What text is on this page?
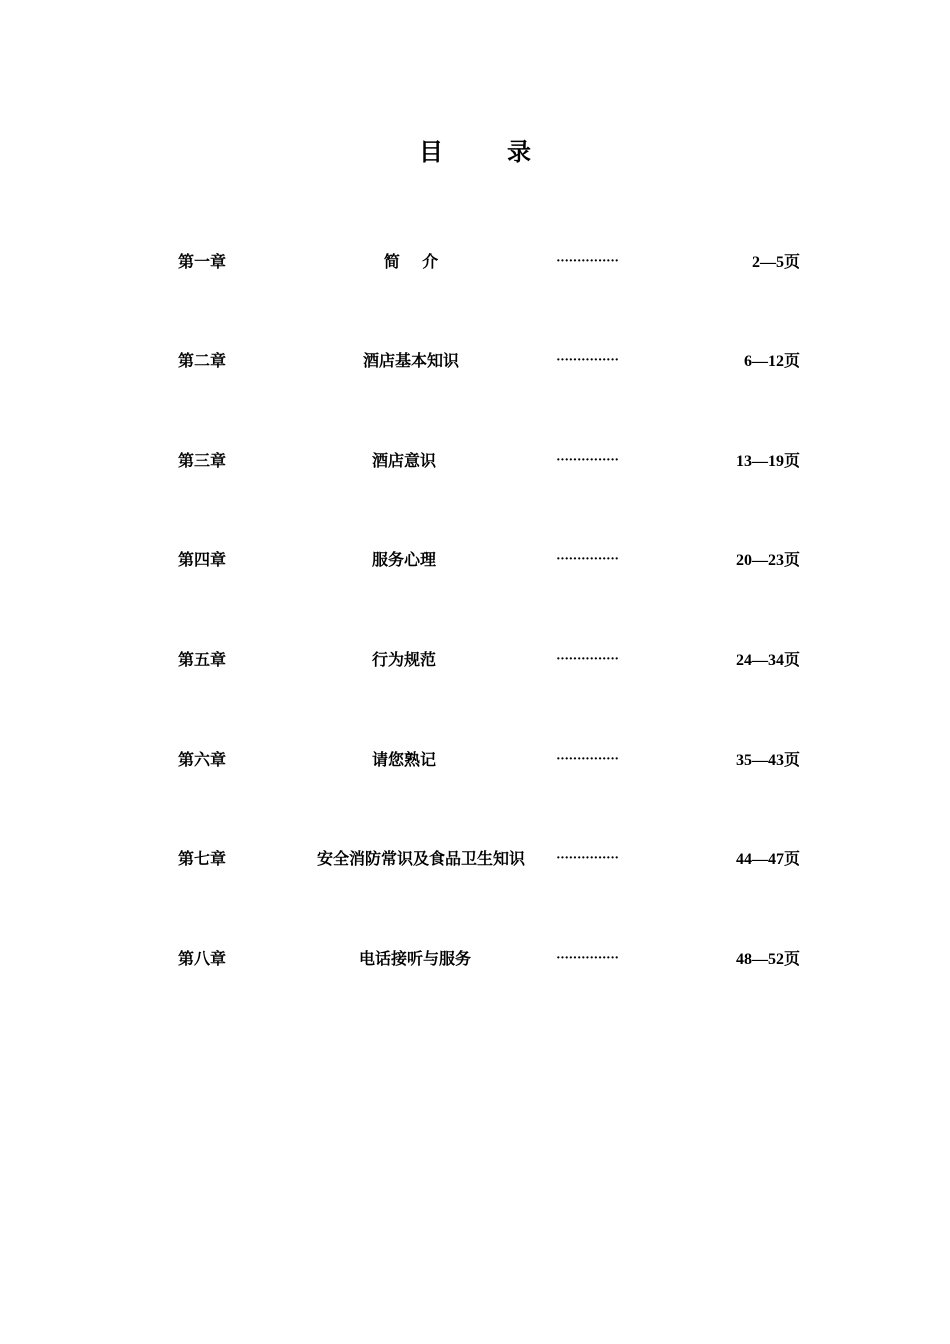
目	录
第一章	简    介	···············	2—5页
第二章	酒店基本知识	···············	6—12页
第三章	酒店意识	···············	13—19页
第四章	服务心理	···············	20—23页
第五章	行为规范	···············	24—34页
第六章	请您熟记	···············	35—43页
第七章	安全消防常识及食品卫生知识	···············	44—47页
第八章	电话接听与服务	···············	48—52页
